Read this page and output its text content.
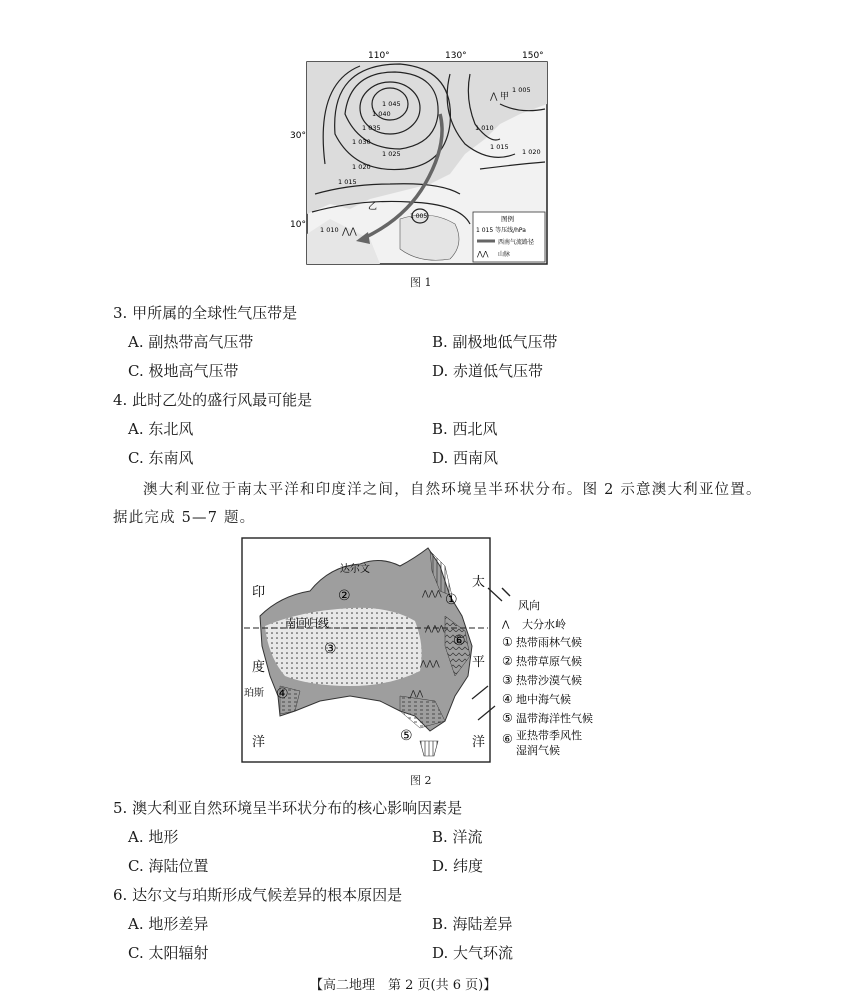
⋀⋀
⋀
图例
1 015 等压线/hPa
西南气流路径
⋀⋀ 山脉
110°	130°	150°
30°
10°
1 045
1 040
1 035
1 030
1 025
1 020
1 015
1 010
1 005
1 010
1 015
1 020
1 005
甲
乙
图 1
3. 甲所属的全球性气压带是
A. 副热带高气压带	B. 副极地低气压带
C. 极地高气压带	D. 赤道低气压带
4. 此时乙处的盛行风最可能是
A. 东北风	B. 西北风
C. 东南风	D. 西南风
澳大利亚位于南太平洋和印度洋之间，自然环境呈半环状分布。图 2 示意澳大利亚位置。
据此完成 5—7 题。
⋀⋀⋀
⋀⋀⋀
⋀⋀⋀
⋀⋀
达尔文
珀斯
南回归线
②
③
④
⑤
①
⑥
印
度
洋
太
平
洋
风向
⋀ 大分水岭
① 热带雨林气候
② 热带草原气候
③ 热带沙漠气候
④ 地中海气候
⑤ 温带海洋性气候
⑥ 亚热带季风性
湿润气候
图 2
5. 澳大利亚自然环境呈半环状分布的核心影响因素是
A. 地形	B. 洋流
C. 海陆位置	D. 纬度
6. 达尔文与珀斯形成气候差异的根本原因是
A. 地形差异	B. 海陆差异
C. 太阳辐射	D. 大气环流
【高二地理　第 2 页(共 6 页)】
